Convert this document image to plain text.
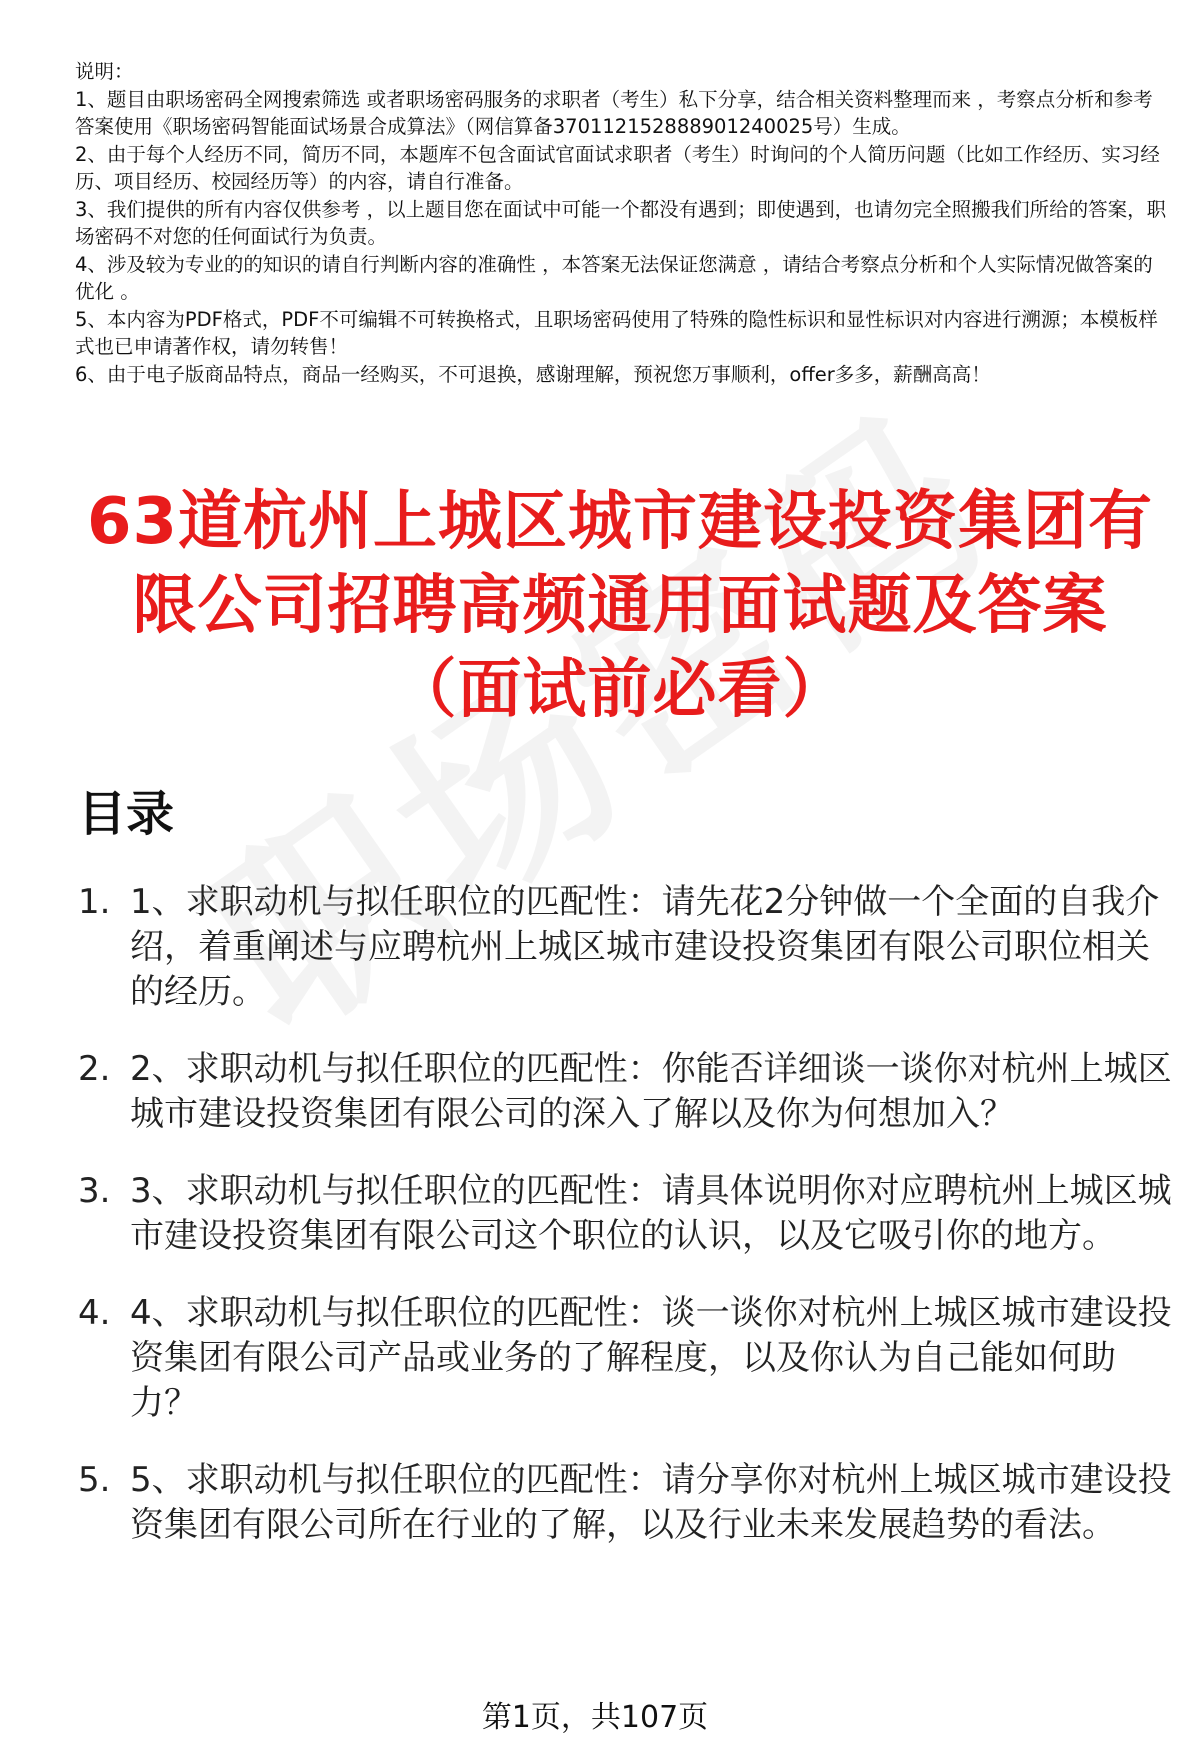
说明：

1、题目由职场密码全网搜索筛选 或者职场密码服务的求职者（考生）私下分享，结合相关资料整理而来 ，考察点分析和参考答案使用《职场密码智能面试场景合成算法》（网信算备370112152888901240025号）生成。

2、由于每个人经历不同，简历不同，本题库不包含面试官面试求职者（考生）时询问的个人简历问题（比如工作经历、实习经历、项目经历、校园经历等）的内容，请自行准备。

3、我们提供的所有内容仅供参考 ，以上题目您在面试中可能一个都没有遇到；即使遇到，也请勿完全照搬我们所给的答案，职场密码不对您的任何面试行为负责。

4、涉及较为专业的的知识的请自行判断内容的准确性 ，本答案无法保证您满意 ，请结合考察点分析和个人实际情况做答案的优化 。

5、本内容为PDF格式，PDF不可编辑不可转换格式，且职场密码使用了特殊的隐性标识和显性标识对内容进行溯源；本模板样式也已申请著作权，请勿转售！

6、由于电子版商品特点，商品一经购买，不可退换，感谢理解，预祝您万事顺利，offer多多，薪酬高高！

63道杭州上城区城市建设投资集团有限公司招聘高频通用面试题及答案（面试前必看）
目录
1. 1、求职动机与拟任职位的匹配性：请先花2分钟做一个全面的自我介绍，着重阐述与应聘杭州上城区城市建设投资集团有限公司职位相关的经历。
2. 2、求职动机与拟任职位的匹配性：你能否详细谈一谈你对杭州上城区城市建设投资集团有限公司的深入了解以及你为何想加入？
3. 3、求职动机与拟任职位的匹配性：请具体说明你对应聘杭州上城区城市建设投资集团有限公司这个职位的认识，以及它吸引你的地方。
4. 4、求职动机与拟任职位的匹配性：谈一谈你对杭州上城区城市建设投资集团有限公司产品或业务的了解程度，以及你认为自己能如何助力？
5. 5、求职动机与拟任职位的匹配性：请分享你对杭州上城区城市建设投资集团有限公司所在行业的了解，以及行业未来发展趋势的看法。
第1页，共107页
